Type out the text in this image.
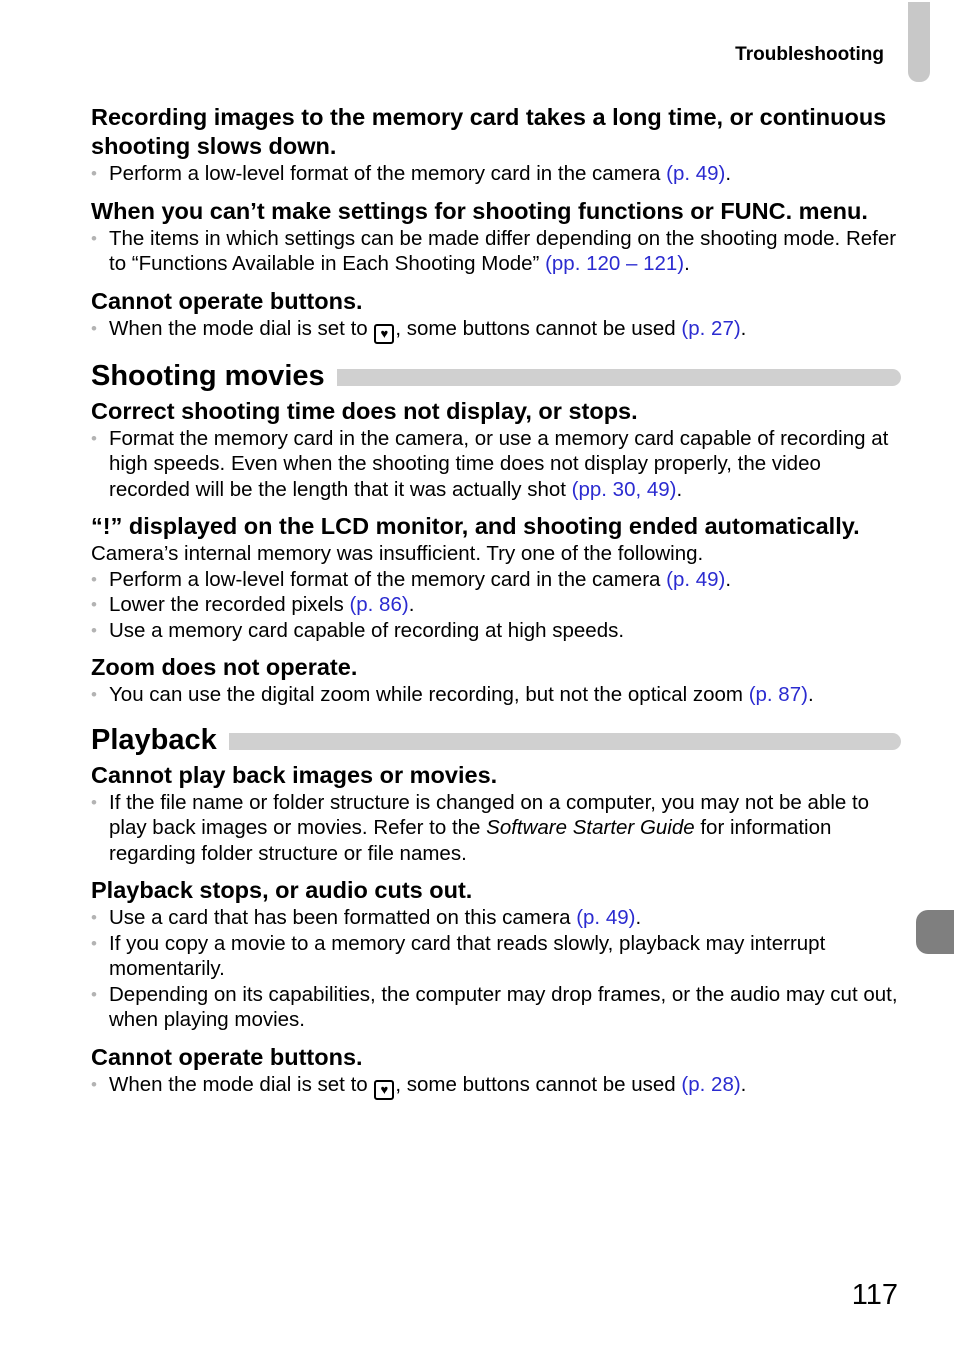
Troubleshooting

Recording images to the memory card takes a long time, or continuous shooting slows down.

• Perform a low-level format of the memory card in the camera (p. 49).

When you can’t make settings for shooting functions or FUNC. menu.

• The items in which settings can be made differ depending on the shooting mode. Refer to “Functions Available in Each Shooting Mode” (pp. 120 – 121).

Cannot operate buttons.

• When the mode dial is set to ♥ , some buttons cannot be used (p. 27).

Shooting movies

Correct shooting time does not display, or stops.

• Format the memory card in the camera, or use a memory card capable of recording at high speeds. Even when the shooting time does not display properly, the video recorded will be the length that it was actually shot (pp. 30, 49).

“!” displayed on the LCD monitor, and shooting ended automatically.

Camera’s internal memory was insufficient. Try one of the following.

• Perform a low-level format of the memory card in the camera (p. 49).

• Lower the recorded pixels (p. 86).

• Use a memory card capable of recording at high speeds.

Zoom does not operate.

• You can use the digital zoom while recording, but not the optical zoom (p. 87).

Playback

Cannot play back images or movies.

• If the file name or folder structure is changed on a computer, you may not be able to play back images or movies. Refer to the Software Starter Guide for information regarding folder structure or file names.

Playback stops, or audio cuts out.

• Use a card that has been formatted on this camera (p. 49).

• If you copy a movie to a memory card that reads slowly, playback may interrupt momentarily.

• Depending on its capabilities, the computer may drop frames, or the audio may cut out, when playing movies.

Cannot operate buttons.

• When the mode dial is set to ♥ , some buttons cannot be used (p. 28).

117
